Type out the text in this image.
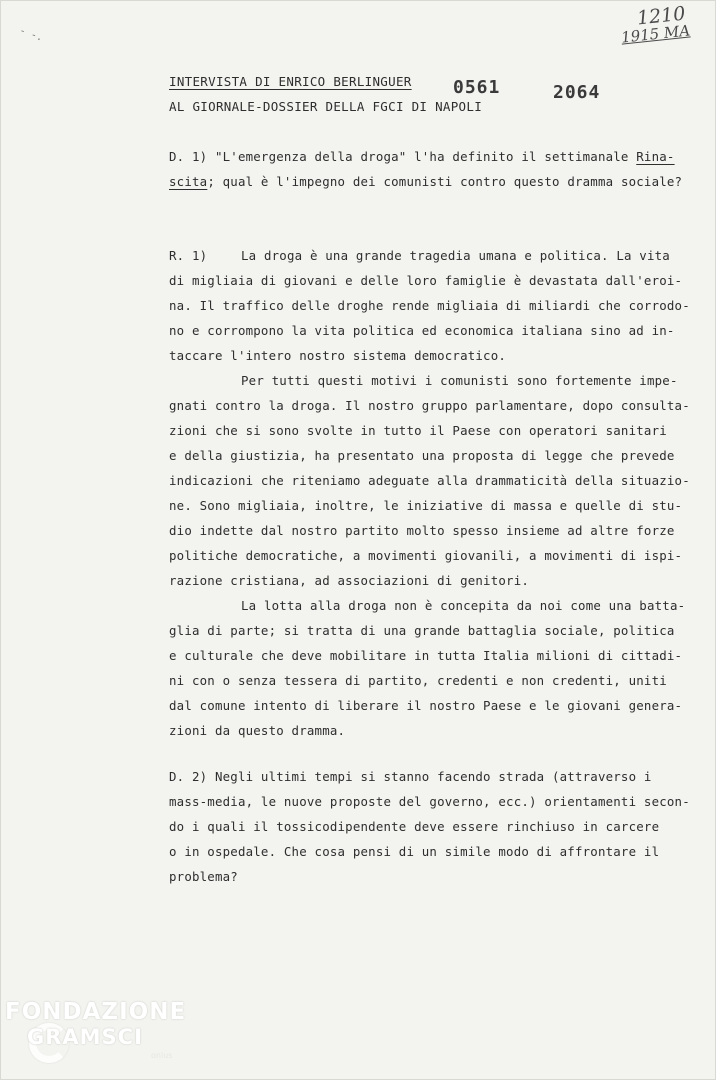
‑ ‑.
1210
1915 MA
INTERVISTA DI ENRICO BERLINGUER
AL GIORNALE-DOSSIER DELLA FGCI DI NAPOLI
0561	2064
D. 1) "L'emergenza della droga" l'ha definito il settimanale Rina-
scita; qual è l'impegno dei comunisti contro questo dramma sociale?
R. 1)	La droga è una grande tragedia umana e politica. La vita
di migliaia di giovani e delle loro famiglie è devastata dall'eroi-
na. Il traffico delle droghe rende migliaia di miliardi che corrodo-
no e corrompono la vita politica ed economica italiana sino ad in-
taccare l'intero nostro sistema democratico.
Per tutti questi motivi i comunisti sono fortemente impe-
gnati contro la droga. Il nostro gruppo parlamentare, dopo consulta-
zioni che si sono svolte in tutto il Paese con operatori sanitari
e della giustizia, ha presentato una proposta di legge che prevede
indicazioni che riteniamo adeguate alla drammaticità della situazio-
ne. Sono migliaia, inoltre, le iniziative di massa e quelle di stu-
dio indette dal nostro partito molto spesso insieme ad altre forze
politiche democratiche, a movimenti giovanili, a movimenti di ispi-
razione cristiana, ad associazioni di genitori.
La lotta alla droga non è concepita da noi come una batta-
glia di parte; si tratta di una grande battaglia sociale, politica
e culturale che deve mobilitare in tutta Italia milioni di cittadi-
ni con o senza tessera di partito, credenti e non credenti, uniti
dal comune intento di liberare il nostro Paese e le giovani genera-
zioni da questo dramma.
D. 2) Negli ultimi tempi si stanno facendo strada (attraverso i
mass-media, le nuove proposte del governo, ecc.) orientamenti secon-
do i quali il tossicodipendente deve essere rinchiuso in carcere
o in ospedale. Che cosa pensi di un simile modo di affrontare il
problema?
FONDAZIONE
GRAMSCI
onlus
